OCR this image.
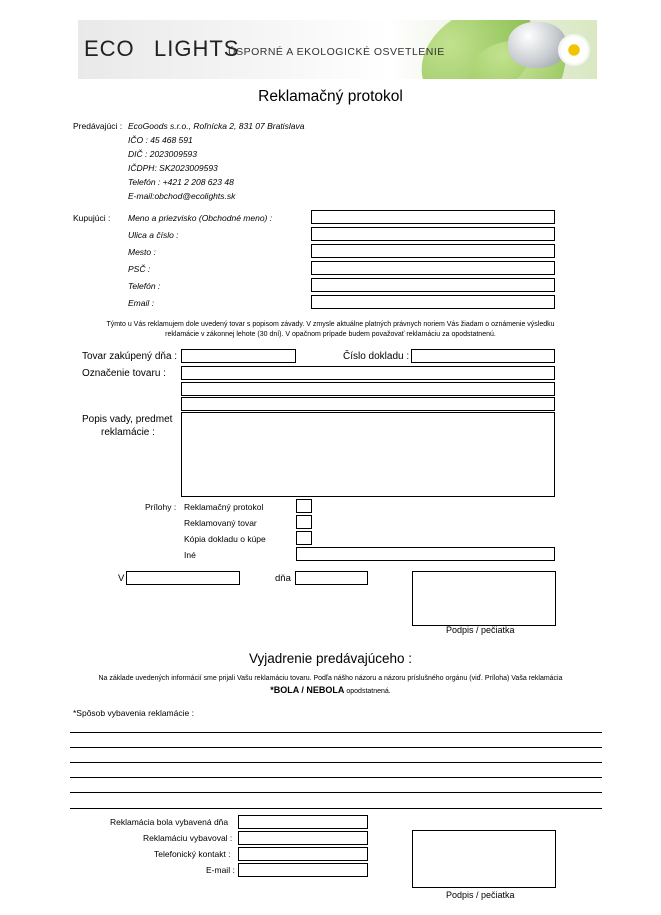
ECO LIGHTS
ÚSPORNÉ A EKOLOGICKÉ OSVETLENIE
Reklamačný protokol
Predávajúci : EcoGoods s.r.o., Roľnícka 2, 831 07 Bratislava
IČO : 45 468 591
DIČ : 2023009593
IČDPH: SK2023009593
Telefón : +421 2 208 623 48
E-mail:obchod@ecolights.sk
Kupujúci : Meno a priezvisko (Obchodné meno) :
Ulica a číslo :
Mesto :
PSČ :
Telefón :
Email :
Týmto u Vás reklamujem dole uvedený tovar s popisom závady. V zmysle aktuálne platných právnych noriem Vás žiadam o oznámenie výsledku
reklamácie v zákonnej lehote (30 dní). V opačnom prípade budem považovať reklamáciu za opodstatnenú.
Tovar zakúpený dňa :	Číslo dokladu :
Označenie tovaru :
Popis vady, predmet
reklamácie :
Prílohy : Reklamačný protokol
Reklamovaný tovar
Kópia dokladu o kúpe
Iné
V	dňa
Podpis / pečiatka
Vyjadrenie predávajúceho :
Na základe uvedených informácií sme prijali Vašu reklamáciu tovaru. Podľa nášho názoru a názoru príslušného orgánu (viď. Príloha) Vaša reklamácia
*BOLA / NEBOLA opodstatnená.
*Spôsob vybavenia reklamácie :
Reklamácia bola vybavená dňa
Reklamáciu vybavoval :
Telefonický kontakt :
E-mail :
Podpis / pečiatka
